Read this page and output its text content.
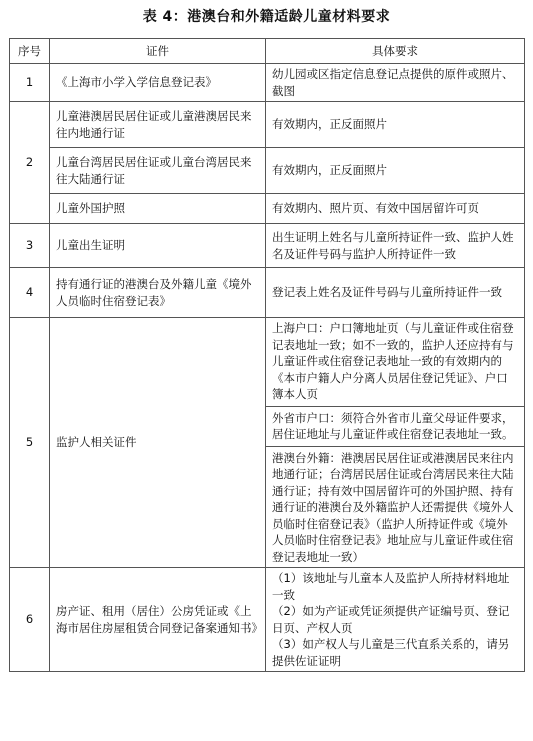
表 4：港澳台和外籍适龄儿童材料要求
序号	证件	具体要求
1	《上海市小学入学信息登记表》	幼儿园或区指定信息登记点提供的原件或照片、截图
2	儿童港澳居民居住证或儿童港澳居民来往内地通行证	有效期内，正反面照片
	儿童台湾居民居住证或儿童台湾居民来往大陆通行证	有效期内，正反面照片
	儿童外国护照	有效期内、照片页、有效中国居留许可页
3	儿童出生证明	出生证明上姓名与儿童所持证件一致、监护人姓名及证件号码与监护人所持证件一致
4	持有通行证的港澳台及外籍儿童《境外人员临时住宿登记表》	登记表上姓名及证件号码与儿童所持证件一致
5	监护人相关证件	上海户口：户口簿地址页（与儿童证件或住宿登记表地址一致；如不一致的，监护人还应持有与儿童证件或住宿登记表地址一致的有效期内的《本市户籍人户分离人员居住登记凭证》、户口簿本人页
外省市户口：须符合外省市儿童父母证件要求，居住证地址与儿童证件或住宿登记表地址一致。
港澳台外籍：港澳居民居住证或港澳居民来往内地通行证；台湾居民居住证或台湾居民来往大陆通行证；持有效中国居留许可的外国护照、持有通行证的港澳台及外籍监护人还需提供《境外人员临时住宿登记表》（监护人所持证件或《境外人员临时住宿登记表》地址应与儿童证件或住宿登记表地址一致）

6	房产证、租用（居住）公房凭证或《上海市居住房屋租赁合同登记备案通知书》	（1）该地址与儿童本人及监护人所持材料地址一致
（2）如为产证或凭证须提供产证编号页、登记日页、产权人页
（3）如产权人与儿童是三代直系关系的，请另提供佐证证明
